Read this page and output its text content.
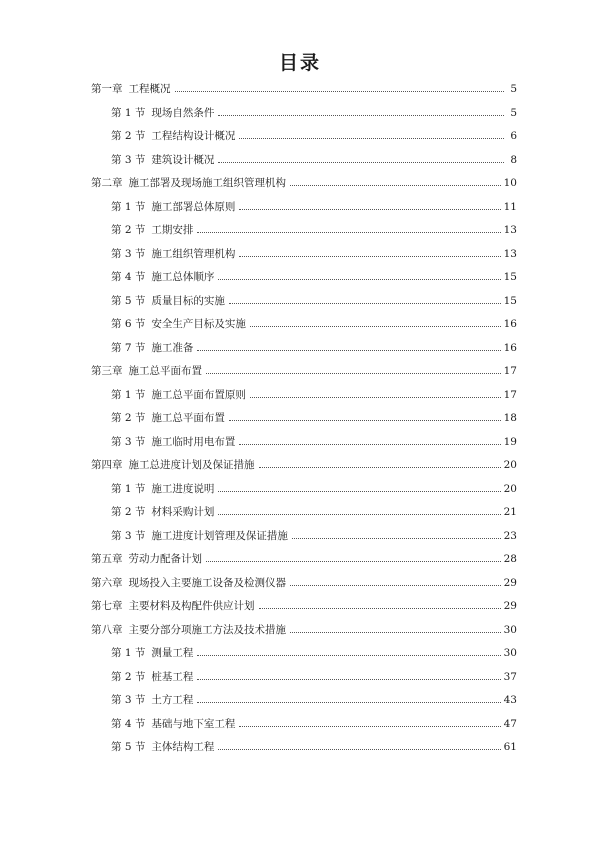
目录
第一章 工程概况	5
第 1 节 现场自然条件	5
第 2 节 工程结构设计概况	6
第 3 节 建筑设计概况	8
第二章 施工部署及现场施工组织管理机构	10
第 1 节 施工部署总体原则	11
第 2 节 工期安排	13
第 3 节 施工组织管理机构	13
第 4 节 施工总体顺序	15
第 5 节 质量目标的实施	15
第 6 节 安全生产目标及实施	16
第 7 节 施工准备	16
第三章 施工总平面布置	17
第 1 节 施工总平面布置原则	17
第 2 节 施工总平面布置	18
第 3 节 施工临时用电布置	19
第四章 施工总进度计划及保证措施	20
第 1 节 施工进度说明	20
第 2 节 材料采购计划	21
第 3 节 施工进度计划管理及保证措施	23
第五章 劳动力配备计划	28
第六章 现场投入主要施工设备及检测仪器	29
第七章 主要材料及构配件供应计划	29
第八章 主要分部分项施工方法及技术措施	30
第 1 节 测量工程	30
第 2 节 桩基工程	37
第 3 节 土方工程	43
第 4 节 基础与地下室工程	47
第 5 节 主体结构工程	61
